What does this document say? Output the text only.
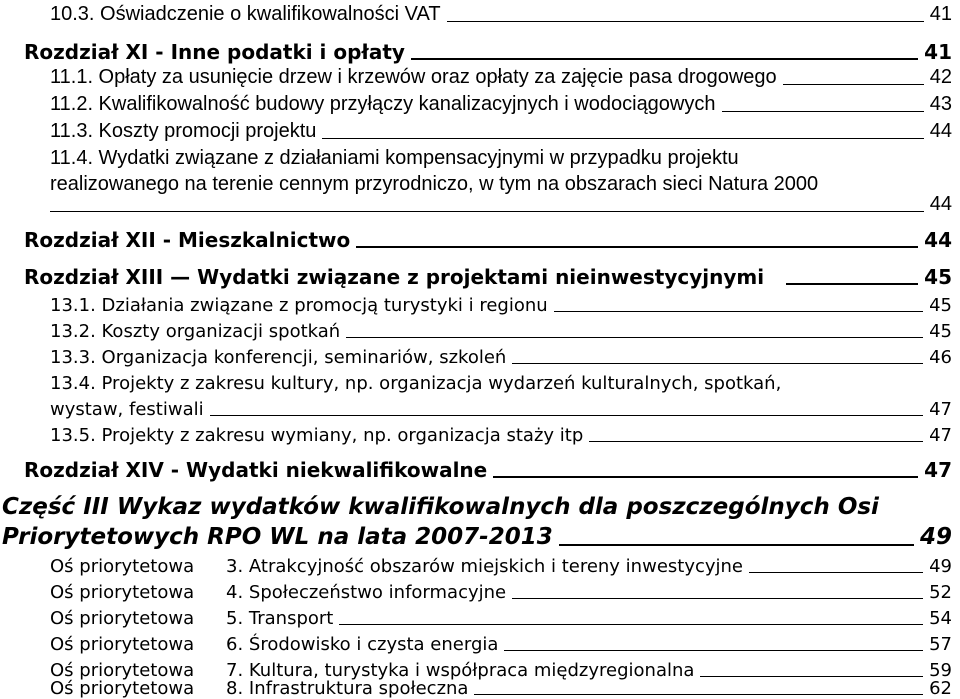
10.3. Oświadczenie o kwalifikowalności VAT	41
Rozdział XI - Inne podatki i opłaty	41
11.1. Opłaty za usunięcie drzew i krzewów oraz opłaty za zajęcie pasa drogowego	42
11.2. Kwalifikowalność budowy przyłączy kanalizacyjnych i wodociągowych	43
11.3. Koszty promocji projektu	44
11.4. Wydatki związane z działaniami kompensacyjnymi w przypadku projektu
realizowanego na terenie cennym przyrodniczo, w tym na obszarach sieci Natura 2000
44
Rozdział XII - Mieszkalnictwo	44
Rozdział XIII — Wydatki związane z projektami nieinwestycyjnymi	45
13.1. Działania związane z promocją turystyki i regionu	45
13.2. Koszty organizacji spotkań	45
13.3. Organizacja konferencji, seminariów, szkoleń	46
13.4. Projekty z zakresu kultury, np. organizacja wydarzeń kulturalnych, spotkań,
wystaw, festiwali	47
13.5. Projekty z zakresu wymiany, np. organizacja staży itp	47
Rozdział XIV - Wydatki niekwalifikowalne	47
Część III Wykaz wydatków kwalifikowalnych dla poszczególnych Osi
Priorytetowych RPO WL na lata 2007-2013	49
Oś priorytetowa	3. Atrakcyjność obszarów miejskich i tereny inwestycyjne	49
Oś priorytetowa	4. Społeczeństwo informacyjne	52
Oś priorytetowa	5. Transport	54
Oś priorytetowa	6. Środowisko i czysta energia	57
Oś priorytetowa	7. Kultura, turystyka i współpraca międzyregionalna	59
Oś priorytetowa	8. Infrastruktura społeczna	62
